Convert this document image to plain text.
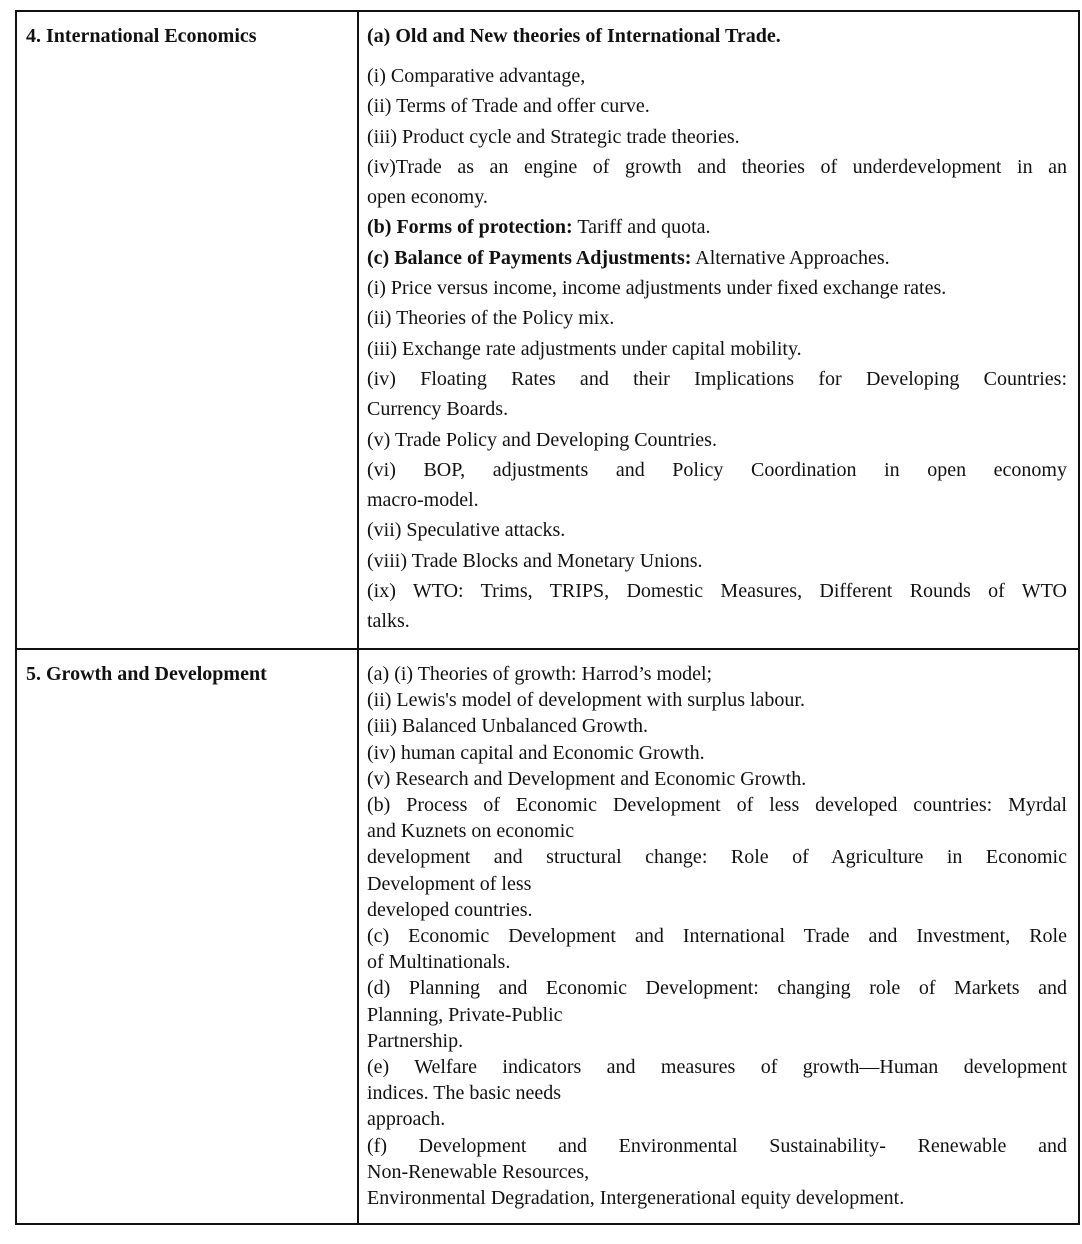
4. International Economics	(a) Old and New theories of International Trade.
(i) Comparative advantage,
(ii) Terms of Trade and offer curve.
(iii) Product cycle and Strategic trade theories.
(iv)Trade as an engine of growth and theories of underdevelopment in an
open economy.
(b) Forms of protection: Tariff and quota.
(c) Balance of Payments Adjustments: Alternative Approaches.
(i) Price versus income, income adjustments under fixed exchange rates.
(ii) Theories of the Policy mix.
(iii) Exchange rate adjustments under capital mobility.
(iv) Floating Rates and their Implications for Developing Countries:
Currency Boards.
(v) Trade Policy and Developing Countries.
(vi) BOP, adjustments and Policy Coordination in open economy
macro-model.
(vii) Speculative attacks.
(viii) Trade Blocks and Monetary Unions.
(ix) WTO: Trims, TRIPS, Domestic Measures, Different Rounds of WTO
talks.

5. Growth and Development	(a) (i) Theories of growth: Harrod’s model;
(ii) Lewis's model of development with surplus labour.
(iii) Balanced Unbalanced Growth.
(iv) human capital and Economic Growth.
(v) Research and Development and Economic Growth.
(b) Process of Economic Development of less developed countries: Myrdal
and Kuznets on economic
development and structural change: Role of Agriculture in Economic
Development of less
developed countries.
(c) Economic Development and International Trade and Investment, Role
of Multinationals.
(d) Planning and Economic Development: changing role of Markets and
Planning, Private-Public
Partnership.
(e) Welfare indicators and measures of growth—Human development
indices. The basic needs
approach.
(f) Development and Environmental Sustainability- Renewable and
Non-Renewable Resources,
Environmental Degradation, Intergenerational equity development.
